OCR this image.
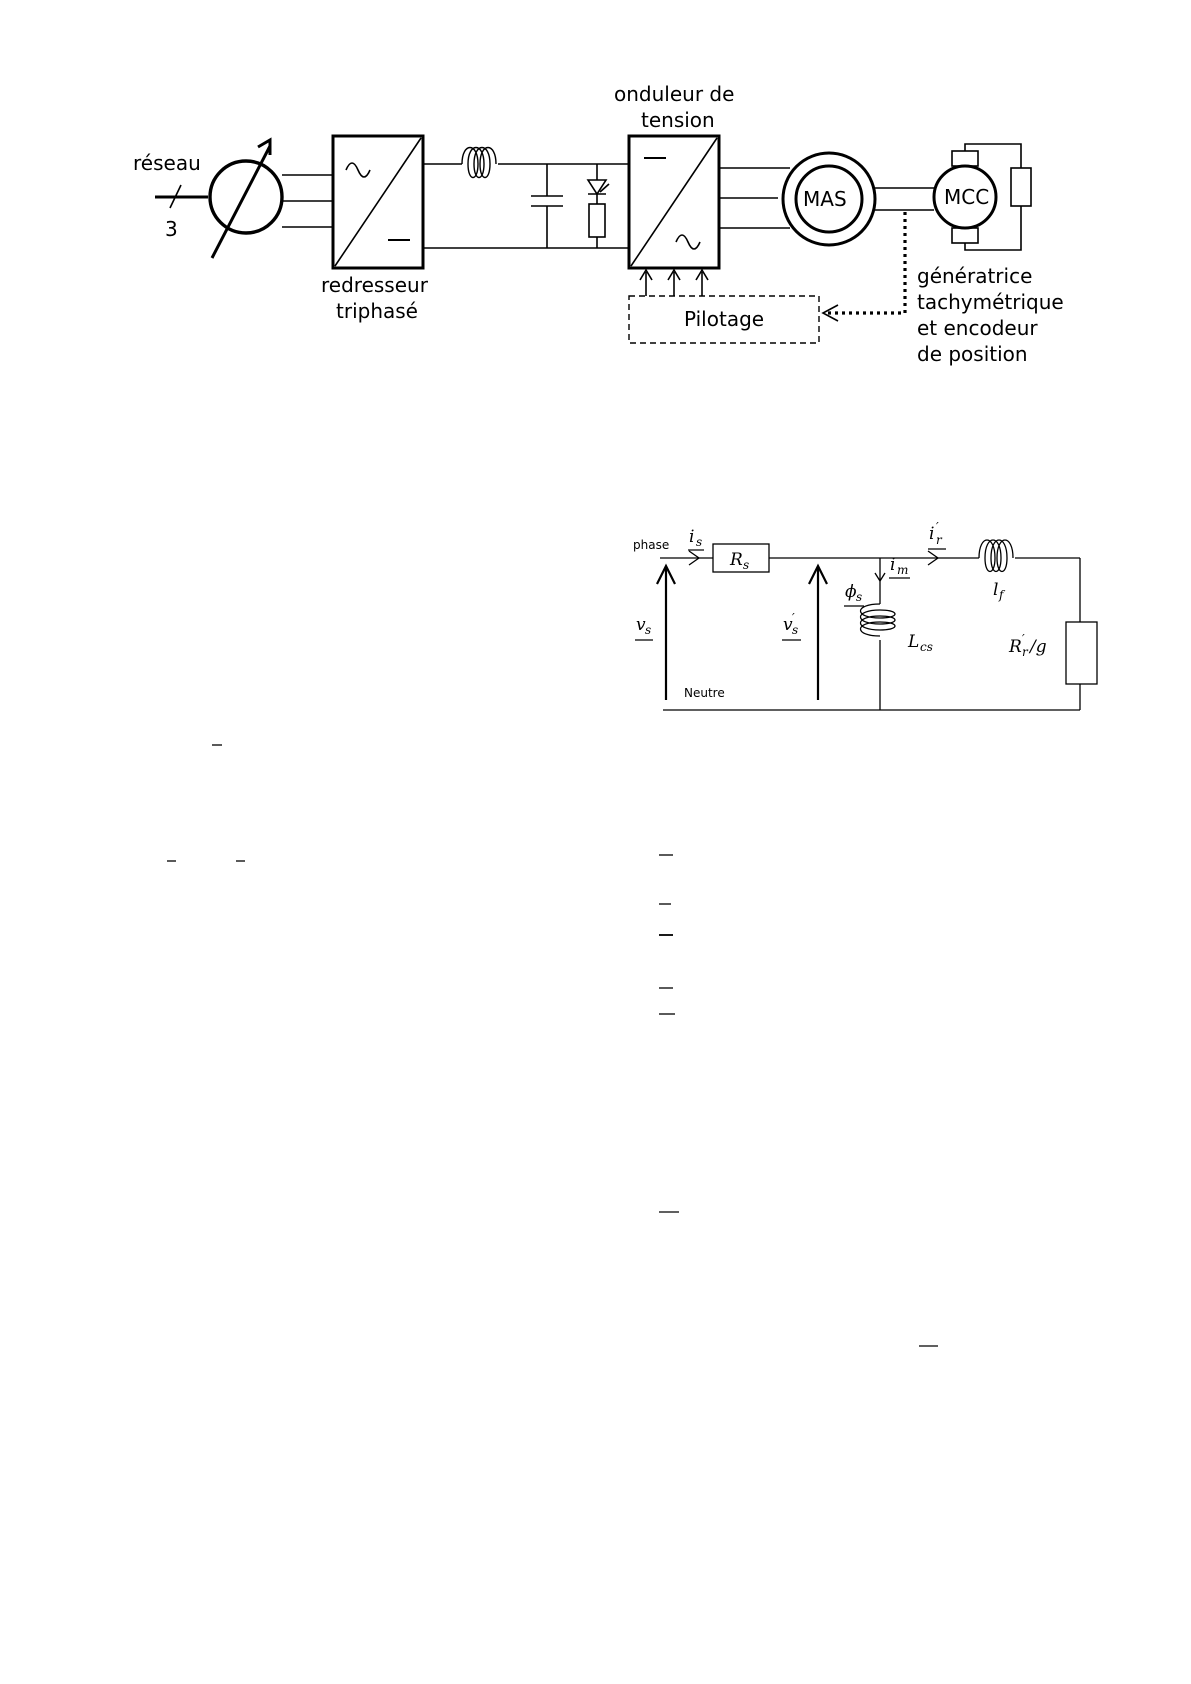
réseau
3
redresseur
triphasé
onduleur de
tension
MAS	MCC
Pilotage
génératrice
tachymétrique
et encodeur
de position
phase
Neutre
i s
R s
i ′
r
i m
ϕ s	l f
L cs	R ′
r /g
v s	v ′
s
